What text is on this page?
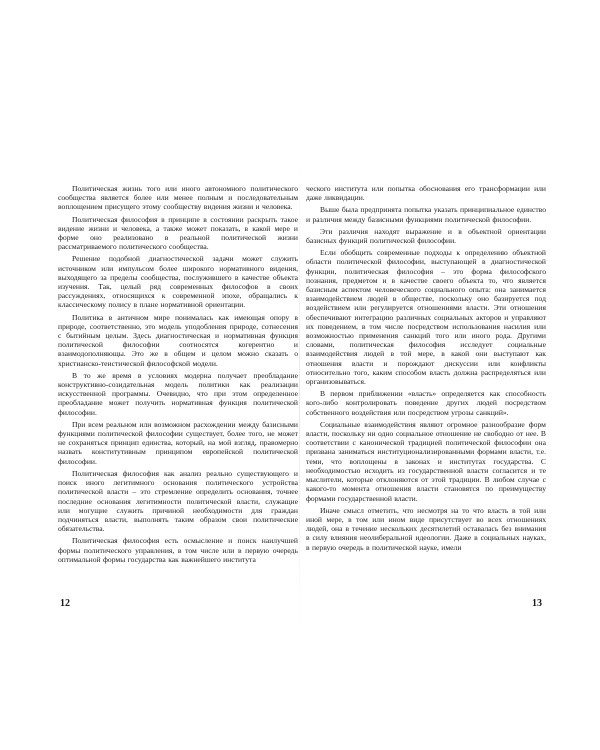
Политическая жизнь того или иного автономного политического сообщества является более или менее полным и последовательным воплощением присущего этому сообществу видения жизни и человека.

Политическая философия в принципе в состоянии раскрыть такое видение жизни и человека, а также может показать, в какой мере и форме оно реализовано в реальной политической жизни рассматриваемого политического сообщества.

Решение подобной диагностической задачи может служить источником или импульсом более широкого нормативного видения, выходящего за пределы сообщества, послужившего в качестве объекта изучения. Так, целый ряд современных философов в своих рассуждениях, относящихся к современной эпохе, обращались к классическому полису в плане нормативной ориентации.

Политика в античном мире понималась как имеющая опору в природе, соответственно, это модель уподобления природе, сотнесения с бытийным целым. Здесь диагностическая и нормативная функция политической философии соотносятся когерентно и взаимодополняющы. Это же в общем и целом можно сказать о христианско-теистической философской модели.

В то же время в условиях модерна получает преобладание конструктивно-созидательная модель политики как реализации искусственной программы. Очевидно, что при этом определенное преобладание может получить нормативная функция политической философии.

При всем реальном или возможном расхождении между базисными функциями политической философии существует, более того, не может не сохраняться принцип единства, который, на мой взгляд, правомерно назвать конститутивным принципом европейской политической философии.

Политическая философия как анализ реально существующего и поиск иного легитимного основания политического устройства политической власти – это стремление определить основания, точнее последние основания легитимности политической власти, служащие или могущие служить причиной необходимости для граждан подчиняться власти, выполнять таким образом свои политические обязательства.

Политическая философия есть осмысление и поиск наилучшей формы политического управления, в том числе или в первую очередь оптимальной формы государства как важнейшего института

ческого института или попытка обоснования его трансформации или даже ликвидации.

Выше была предпринята попытка указать принципиальное единство и различия между базисными функциями политической философии.

Эти различия находят выражение и в объектной ориентации базисных функций политической философии.

Если обобщить современные подходы к определению объектной области политической философии, выступающей в диагностической функции, политическая философия – это форма философского познания, предметом и в качестве своего объекта то, что является базисным аспектом человеческого социального опыта: она занимается взаимодействием людей в обществе, поскольку оно базируется под воздействием или регулируется отношениями власти. Эти отношения обеспечивают интеграцию различных социальных акторов и управляют их поведением, в том числе посредством использования насилия или возможностью применения санкций того или иного рода. Другими словами, политическая философия исследует социальные взаимодействия людей в той мере, в какой они выступают как отношения власти и порождают дискуссии или конфликты относительно того, каким способом власть должна распределяться или организовываться.

В первом приближении «власть» определяется как способность кого-либо контролировать поведение других людей посредством собственного воздействия или посредством угрозы санкций».

Социальные взаимодействия являют огромное разнообразие форм власти, поскольку ни одно социальное отношение не свободно от нее. В соответствии с канонической традицией политической философии она призвана заниматься институционализированными формами власти, т.е. теми, что воплощены в законах и институтах государства. С необходимостью исходить из государственной власти согласится и те мыслители, которые отклоняются от этой традиции. В любом случае с какого-то момента отношения власти становятся по преимуществу формами государственной власти.

Иначе смысл отметить, что несмотря на то что власть в той или иной мере, в том или ином виде присутствует во всех отношениях людей, она в течение нескольких десятилетий оставалась без внимания в силу влияния неолиберальной идеологии. Даже в социальных науках, в первую очередь в политической науке, имели

12	13
